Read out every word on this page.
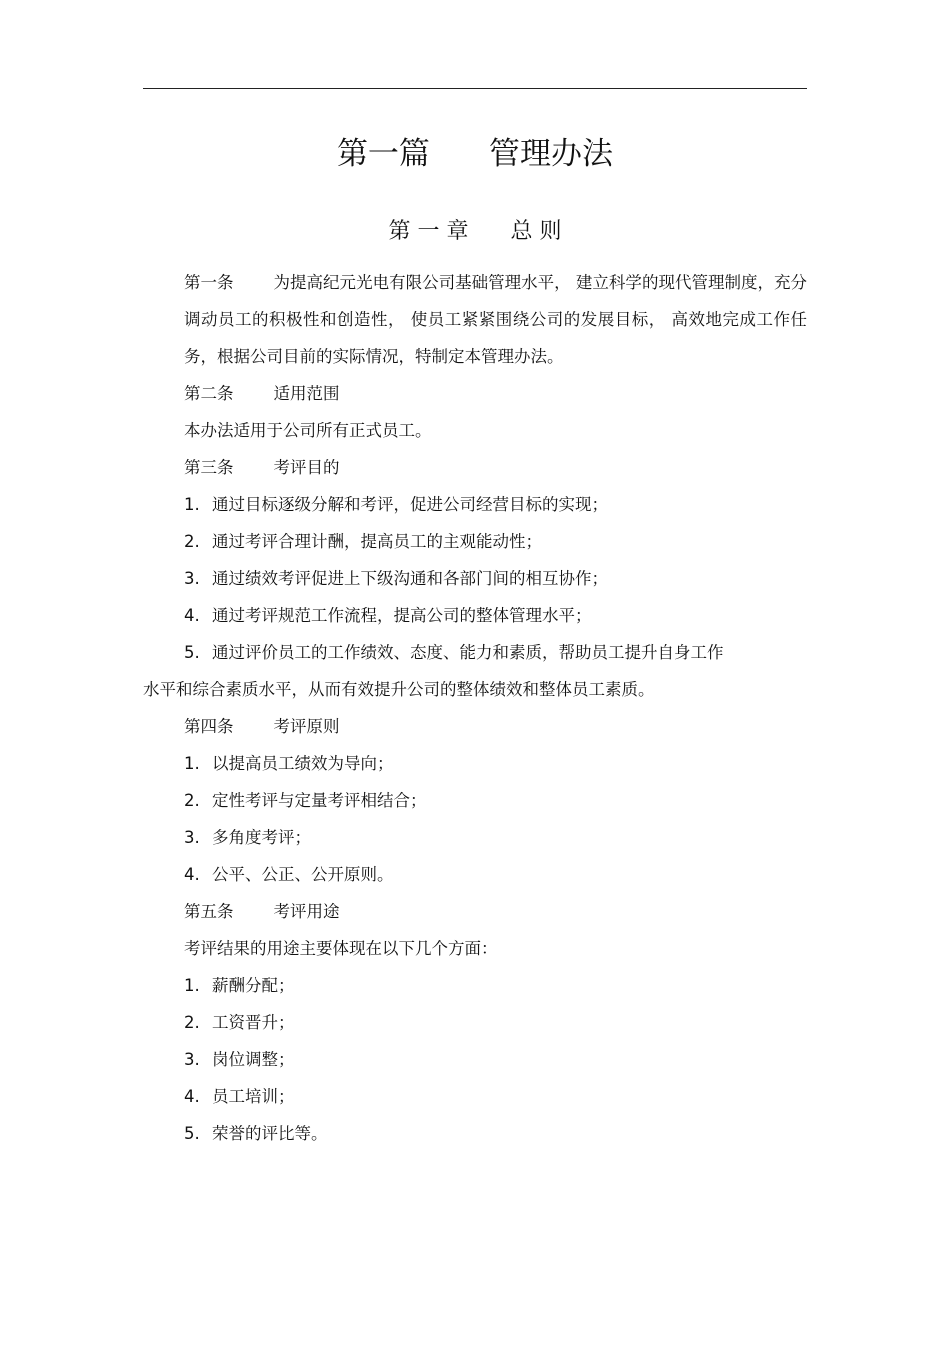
第一篇      管理办法
第 一 章      总 则

第一条 为提高纪元光电有限公司基础管理水平， 建立科学的现代管理制度，充分调动员工的积极性和创造性， 使员工紧紧围绕公司的发展目标， 高效地完成工作任务，根据公司目前的实际情况，特制定本管理办法。

第二条 适用范围

本办法适用于公司所有正式员工。

第三条 考评目的

1. 通过目标逐级分解和考评，促进公司经营目标的实现；

2. 通过考评合理计酬，提高员工的主观能动性；

3. 通过绩效考评促进上下级沟通和各部门间的相互协作；

4. 通过考评规范工作流程，提高公司的整体管理水平；

5. 通过评价员工的工作绩效、态度、能力和素质，帮助员工提升自身工作

水平和综合素质水平，从而有效提升公司的整体绩效和整体员工素质。

第四条 考评原则

1. 以提高员工绩效为导向；

2. 定性考评与定量考评相结合；

3. 多角度考评；

4. 公平、公正、公开原则。

第五条 考评用途

考评结果的用途主要体现在以下几个方面：

1. 薪酬分配；

2. 工资晋升；

3. 岗位调整；

4. 员工培训；

5. 荣誉的评比等。
